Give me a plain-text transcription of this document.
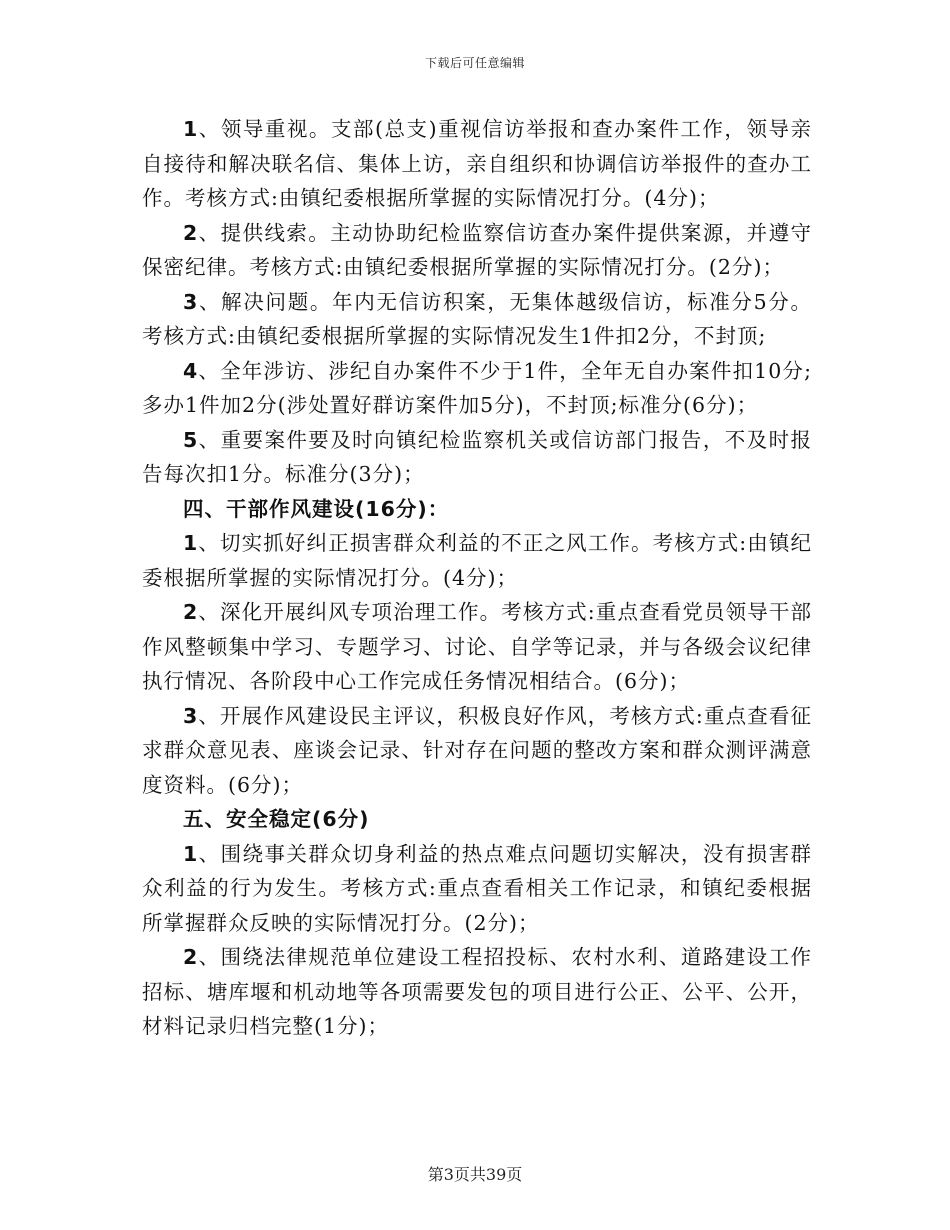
下载后可任意编辑

1、领导重视。支部(总支)重视信访举报和查办案件工作，领导亲自接待和解决联名信、集体上访，亲自组织和协调信访举报件的查办工作。考核方式:由镇纪委根据所掌握的实际情况打分。(4分)；

2、提供线索。主动协助纪检监察信访查办案件提供案源，并遵守保密纪律。考核方式:由镇纪委根据所掌握的实际情况打分。(2分)；

3、解决问题。年内无信访积案，无集体越级信访，标准分5分。考核方式:由镇纪委根据所掌握的实际情况发生1件扣2分，不封顶;

4、全年涉访、涉纪自办案件不少于1件，全年无自办案件扣10分;多办1件加2分(涉处置好群访案件加5分)，不封顶;标准分(6分)；

5、重要案件要及时向镇纪检监察机关或信访部门报告，不及时报告每次扣1分。标准分(3分)；

四、干部作风建设(16分)：

1、切实抓好纠正损害群众利益的不正之风工作。考核方式:由镇纪委根据所掌握的实际情况打分。(4分)；

2、深化开展纠风专项治理工作。考核方式:重点查看党员领导干部作风整顿集中学习、专题学习、讨论、自学等记录，并与各级会议纪律执行情况、各阶段中心工作完成任务情况相结合。(6分)；

3、开展作风建设民主评议，积极良好作风，考核方式:重点查看征求群众意见表、座谈会记录、针对存在问题的整改方案和群众测评满意度资料。(6分)；

五、安全稳定(6分)

1、围绕事关群众切身利益的热点难点问题切实解决，没有损害群众利益的行为发生。考核方式:重点查看相关工作记录，和镇纪委根据所掌握群众反映的实际情况打分。(2分)；

2、围绕法律规范单位建设工程招投标、农村水利、道路建设工作招标、塘库堰和机动地等各项需要发包的项目进行公正、公平、公开，材料记录归档完整(1分)；

第3页共39页
